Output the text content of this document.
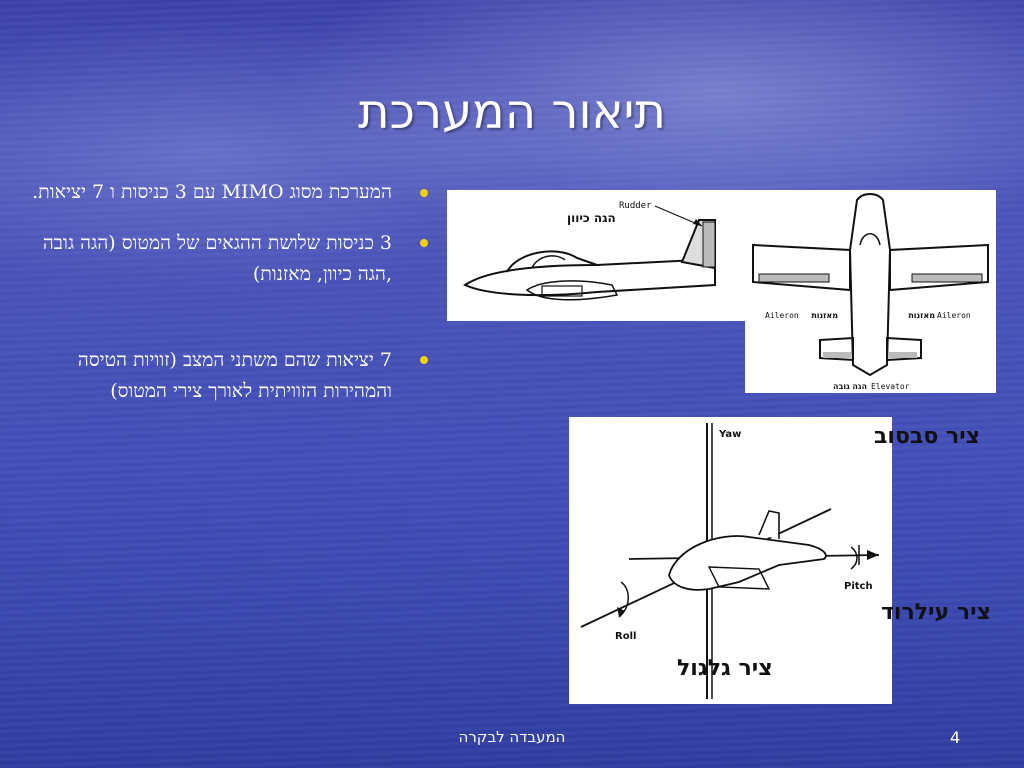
תיאור המערכת
המערכת מסוג MIMO עם 3 כניסות ו 7 יציאות.
3 כניסות שלושת ההגאים של המטוס (הגה גובה ,הגה כיוון, מאזנות)
7 יציאות שהם משתני המצב (זוויות הטיסה והמהירות הזוויתית לאורך צירי המטוס)
Rudder
הגה כיוון
Aileron מאזנות	מאזנות Aileron
הגה גובה Elevator
Yaw	ציר סבסוב
Pitch
ציר עילרוד
Roll
ציר גלגול
המעבדה לבקרה	4
